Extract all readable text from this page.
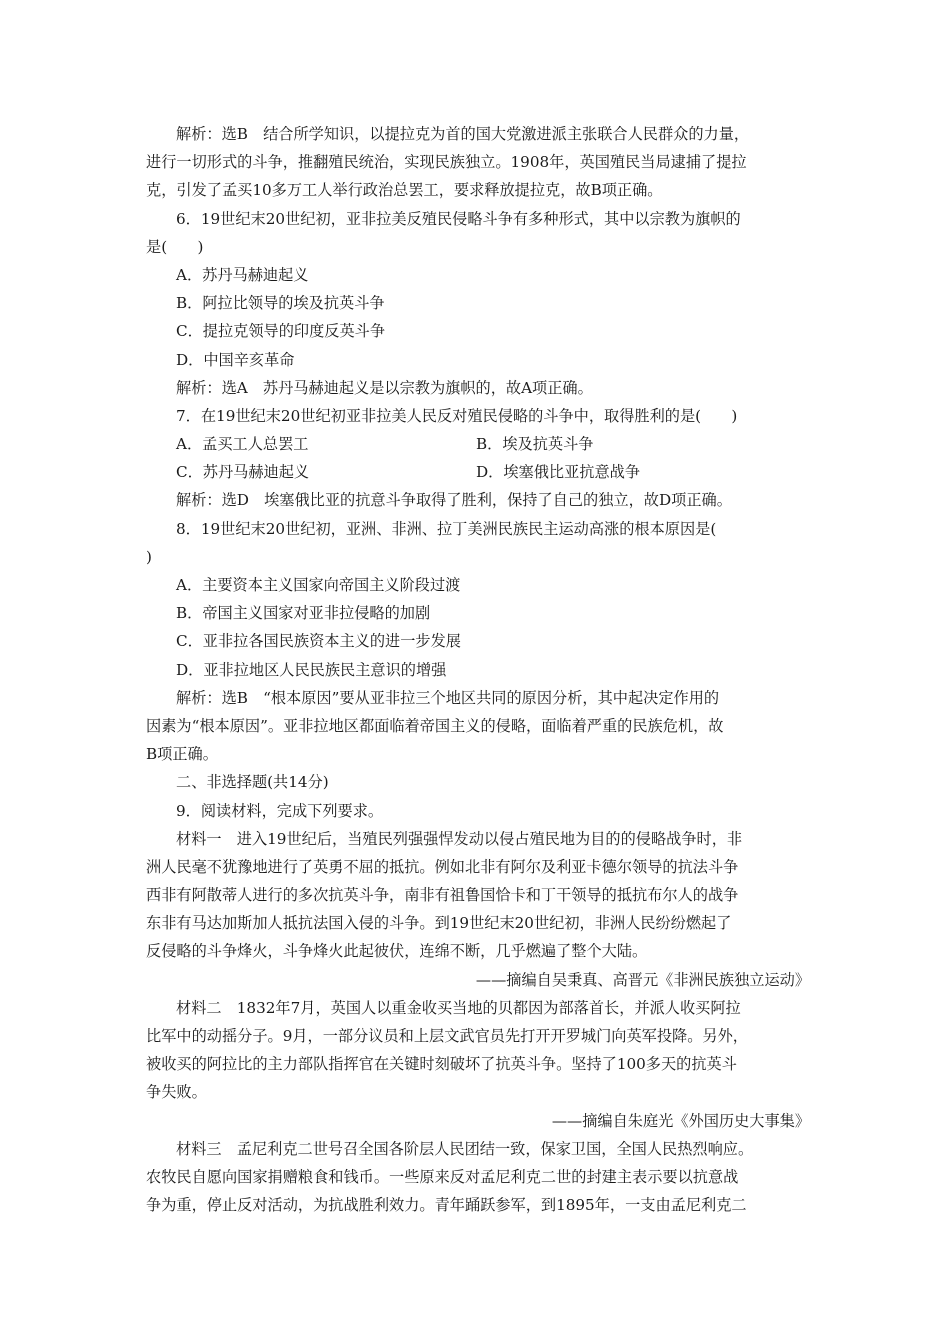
解析：选B　结合所学知识，以提拉克为首的国大党激进派主张联合人民群众的力量，
进行一切形式的斗争，推翻殖民统治，实现民族独立。1908年，英国殖民当局逮捕了提拉
克，引发了孟买10多万工人举行政治总罢工，要求释放提拉克，故B项正确。
6．19世纪末20世纪初，亚非拉美反殖民侵略斗争有多种形式，其中以宗教为旗帜的
是(　　)
A．苏丹马赫迪起义
B．阿拉比领导的埃及抗英斗争
C．提拉克领导的印度反英斗争
D．中国辛亥革命
解析：选A　苏丹马赫迪起义是以宗教为旗帜的，故A项正确。
7．在19世纪末20世纪初亚非拉美人民反对殖民侵略的斗争中，取得胜利的是(　　)
A．孟买工人总罢工	B．埃及抗英斗争
C．苏丹马赫迪起义	D．埃塞俄比亚抗意战争
解析：选D　埃塞俄比亚的抗意斗争取得了胜利，保持了自己的独立，故D项正确。
8．19世纪末20世纪初，亚洲、非洲、拉丁美洲民族民主运动高涨的根本原因是(
)
A．主要资本主义国家向帝国主义阶段过渡
B．帝国主义国家对亚非拉侵略的加剧
C．亚非拉各国民族资本主义的进一步发展
D．亚非拉地区人民民族民主意识的增强
解析：选B　“根本原因”要从亚非拉三个地区共同的原因分析，其中起决定作用的
因素为“根本原因”。亚非拉地区都面临着帝国主义的侵略，面临着严重的民族危机，故
B项正确。
二、非选择题(共14分)
9．阅读材料，完成下列要求。
材料一　进入19世纪后，当殖民列强强悍发动以侵占殖民地为目的的侵略战争时，非
洲人民毫不犹豫地进行了英勇不屈的抵抗。例如北非有阿尔及利亚卡德尔领导的抗法斗争
西非有阿散蒂人进行的多次抗英斗争，南非有祖鲁国恰卡和丁干领导的抵抗布尔人的战争
东非有马达加斯加人抵抗法国入侵的斗争。到19世纪末20世纪初，非洲人民纷纷燃起了
反侵略的斗争烽火，斗争烽火此起彼伏，连绵不断，几乎燃遍了整个大陆。
——摘编自吴秉真、高晋元《非洲民族独立运动》
材料二　1832年7月，英国人以重金收买当地的贝都因为部落首长，并派人收买阿拉
比军中的动摇分子。9月，一部分议员和上层文武官员先打开开罗城门向英军投降。另外，
被收买的阿拉比的主力部队指挥官在关键时刻破坏了抗英斗争。坚持了100多天的抗英斗
争失败。
——摘编自朱庭光《外国历史大事集》
材料三　孟尼利克二世号召全国各阶层人民团结一致，保家卫国，全国人民热烈响应。
农牧民自愿向国家捐赠粮食和钱币。一些原来反对孟尼利克二世的封建主表示要以抗意战
争为重，停止反对活动，为抗战胜利效力。青年踊跃参军，到1895年，一支由孟尼利克二
